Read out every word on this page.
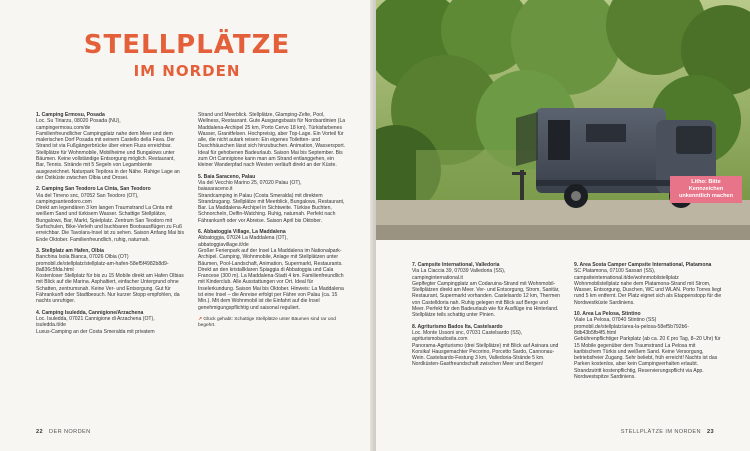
STELLPLÄTZE
IM NORDEN
1. Camping Ermosu, Posada
Loc. Su Tiriarzu, 08020 Posada (NU),
campingermosu.com/de
Familienfreundlicher Campingplatz nahe dem Meer und dem malerischen Dorf Posada mit seinem Castello della Fava. Der Strand ist via Fußgängerbrücke über einen Fluss erreichbar. Stellplätze für Wohnmobile, Mobilheime und Bungalows unter Bäumen. Keine vollständige Entsorgung möglich. Restaurant, Bar, Tennis. Strände mit 5 Segeln von Legambiente ausgezeichnet. Naturpark Tepilora in der Nähe. Ruhige Lage an der Ostküste zwischen Olbia und Orosei.
2. Camping San Teodoro La Cinta, San Teodoro
Via del Tirreno snc, 07052 San Teodoro (OT),
campingsanteodoro.com
Direkt am legendären 3 km langen Traumstrand La Cinta mit weißem Sand und türkisem Wasser. Schattige Stellplätze, Bungalows, Bar, Markt, Spielplatz. Zentrum San Teodoro mit Surfschulen, Bike-Verleih und buchbaren Bootsausflügen zu Fuß erreichbar. Die Tavolara-Insel ist zu sehen. Saison Anfang Mai bis Ende Oktober. Familienfreundlich, ruhig, naturnah.
3. Stellplatz am Hafen, Olbia
Banchina Isola Bianca, 07026 Olbia (OT)
promobil.de/stellplatz/stellplatz-am-hafen-58ef5f4982b8d9-8a836c5fda.html
Kostenloser Stellplatz für bis zu 15 Mobile direkt am Hafen Olbias mit Blick auf die Marina. Asphaltiert, einfacher Untergrund ohne Schatten, zentrumsnah. Keine Ver- und Entsorgung. Gut für Fährankunft oder Stadtbesuch. Nur kurzer Stopp empfohlen, da nachts unruhiger.
4. Camping Isuledda, Cannigione/Arzachena
Loc. Isuledda, 07021 Cannigione di Arzachena (OT),
isuledda.it/de
Luxus-Camping an der Costa Smeralda mit privatem
Strand und Meerblick. Stellplätze, Glamping-Zelte, Pool, Wellness, Restaurant. Gute Ausgangsbasis für Nordsardinien (La Maddalena-Archipel 25 km, Porto Cervo 18 km). Türkisfarbenes Wasser, Granitfelsen. Hochpreisig, aber Top-Lage. Ein Vorteil für alle, die nicht autark reisen: Ein eigenes Toiletten- und Duschhäuschen lässt sich hinzubuchen. Animation, Wassersport. Ideal für gehobenen Badeurlaub. Saison Mai bis September. Bis zum Ort Cannigione kann man am Strand entlanggehen, ein kleiner Wanderpfad nach Westen verläuft direkt an der Küste.
5. Baia Saraceno, Palau
Via del Vecchio Marino 25, 07020 Palau (OT),
baiasaraceno.it
Strandcamping in Palau (Costa Smeralda) mit direktem Strandzugang. Stellplätze mit Meerblick, Bungalows, Restaurant, Bar. La Maddalena-Archipel in Sichtweite. Türkise Buchten, Schnorcheln, Delfin-Watching. Ruhig, naturnah. Perfekt nach Fährankunft oder vor Abreise. Saison April bis Oktober.
6. Abbatoggia Village, La Maddalena
Abbatoggia, 07024 La Maddalena (OT),
abbatoggiavillage.it/de
Großer Ferienpark auf der Insel La Maddalena im Nationalpark-Archipel. Camping, Wohnmobile, Anlage mit Stellplätzen unter Bäumen, Pool-Landschaft, Animation, Supermarkt, Restaurants. Direkt an den kristallklaren Spiaggia di Abbatoggia und Cala Francese (300 m). La Maddalena-Stadt 4 km. Familienfreundlich mit Kinderclub. Alle Ausstattungen vor Ort. Ideal für Inselerkundung. Saison Mai bis Oktober. Hinweis: La Maddalena ist eine Insel – die Anreise erfolgt per Fähre von Palau (ca. 15 Min.). Mit dem Wohnmobil ist die Einfahrt auf die Insel genehmigungspflichtig und saisonal reguliert.
↗ Glück gehabt: Schattige Stellplätze unter Bäumen sind rar und begehrt.
22 DER NORDEN
Litho: Bitte Kennzeichen unkenntlich machen
7. Campsite International, Valledoria
Via La Ciaccia 39, 07039 Valledoria (SS),
campinginternational.it
Geplfegter Campingplatz am Codaruina-Strand mit Wohnmobil-Stellplätzen direkt am Meer. Ver- und Entsorgung, Strom, Sanitär, Restaurant, Supermarkt vorhanden. Castelsardo 12 km, Thermen von Castelldoria nah. Ruhig gelegen mit Blick auf Berge und Meer. Perfekt für den Badeurlaub wie für Ausflüge ins Hinterland. Stellplätze teils schattig unter Pinien.
8. Agriturismo Bados Ita, Castelsardo
Loc. Monte Ussoni snc, 07031 Castelsardo (SS),
agriturismobadosita.com
Panorama-Agriturismo (drei Stellplätze) mit Blick auf Asinara und Korsika! Hausgemachter Pecorino, Porcetto Sardo, Cannonau-Wein. Castelsardo-Festung 3 km, Valledoria-Strände 5 km. Nordküsten-Gastfreundschaft zwischen Meer und Bergen!
9. Area Sosta Camper Campsite International, Platamona
SC Platamona, 07100 Sassari (SS),
campsiteinternational.it/de/wohnmobilstellplatz
Wohnmobilstellplatz nahe dem Platamona-Strand mit Strom, Wasser, Entsorgung, Duschen, WC und WLAN. Porto Torres liegt rund 5 km entfernt. Der Platz eignet sich als Etappenstopp für die Nordwestküste Sardiniens.
10. Area La Pelosa, Stintino
Viale La Pelosa, 07040 Stintino (SS)
promobil.de/stellplatz/area-la-pelosa-58ef5b792b6-8db43b5fb4f5.html
Gebührenpflichtiger Parkplatz (ab ca. 20 € pro Tag, 8–20 Uhr) für 15 Mobile gegenüber dem Traumstrand La Pelosa mit karibischem Türkis und weißem Sand. Keine Versorgung, betriebsfreier Zugang. Sehr beliebt, früh erreicht! Nachts ist das Parken kostenlos, aber kein Campingverhalten erlaubt. Strandzutritt kostenpflichtig, Reservierungspflicht via App. Nordwestspitze Sardiniens.
STELLPLÄTZE IM NORDEN 23
